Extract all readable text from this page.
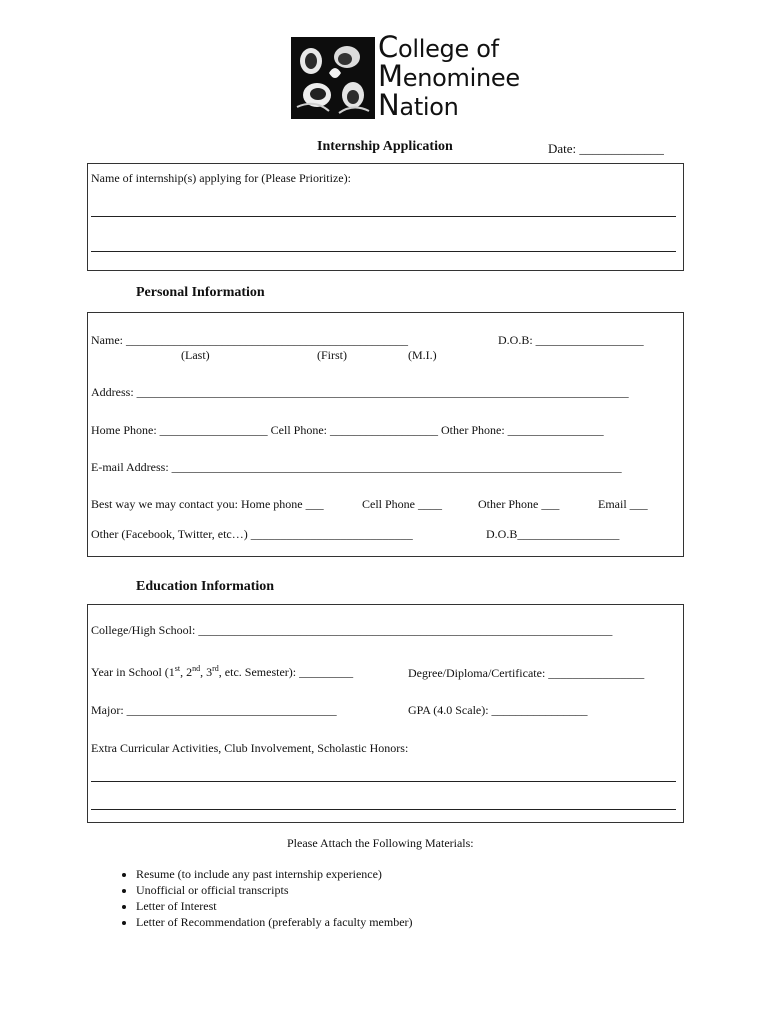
College of
Menominee
Nation
Internship Application	Date: _____________
Name of internship(s) applying for (Please Prioritize):
Personal Information
Name: _______________________________________________	D.O.B: __________________
(Last)	(First)	(M.I.)
Address: __________________________________________________________________________________
Home Phone: __________________ Cell Phone: __________________ Other Phone: ________________
E-mail Address: ___________________________________________________________________________
Best way we may contact you: Home phone ___	Cell Phone ____	Other Phone ___	Email ___
Other (Facebook, Twitter, etc…) ___________________________	D.O.B_________________
Education Information
College/High School: _____________________________________________________________________
Year in School (1st, 2nd, 3rd, etc. Semester): _________	Degree/Diploma/Certificate: ________________
Major: ___________________________________	GPA (4.0 Scale): ________________
Extra Curricular Activities, Club Involvement, Scholastic Honors:
Please Attach the Following Materials:
• Resume (to include any past internship experience)
• Unofficial or official transcripts
• Letter of Interest
• Letter of Recommendation (preferably a faculty member)
